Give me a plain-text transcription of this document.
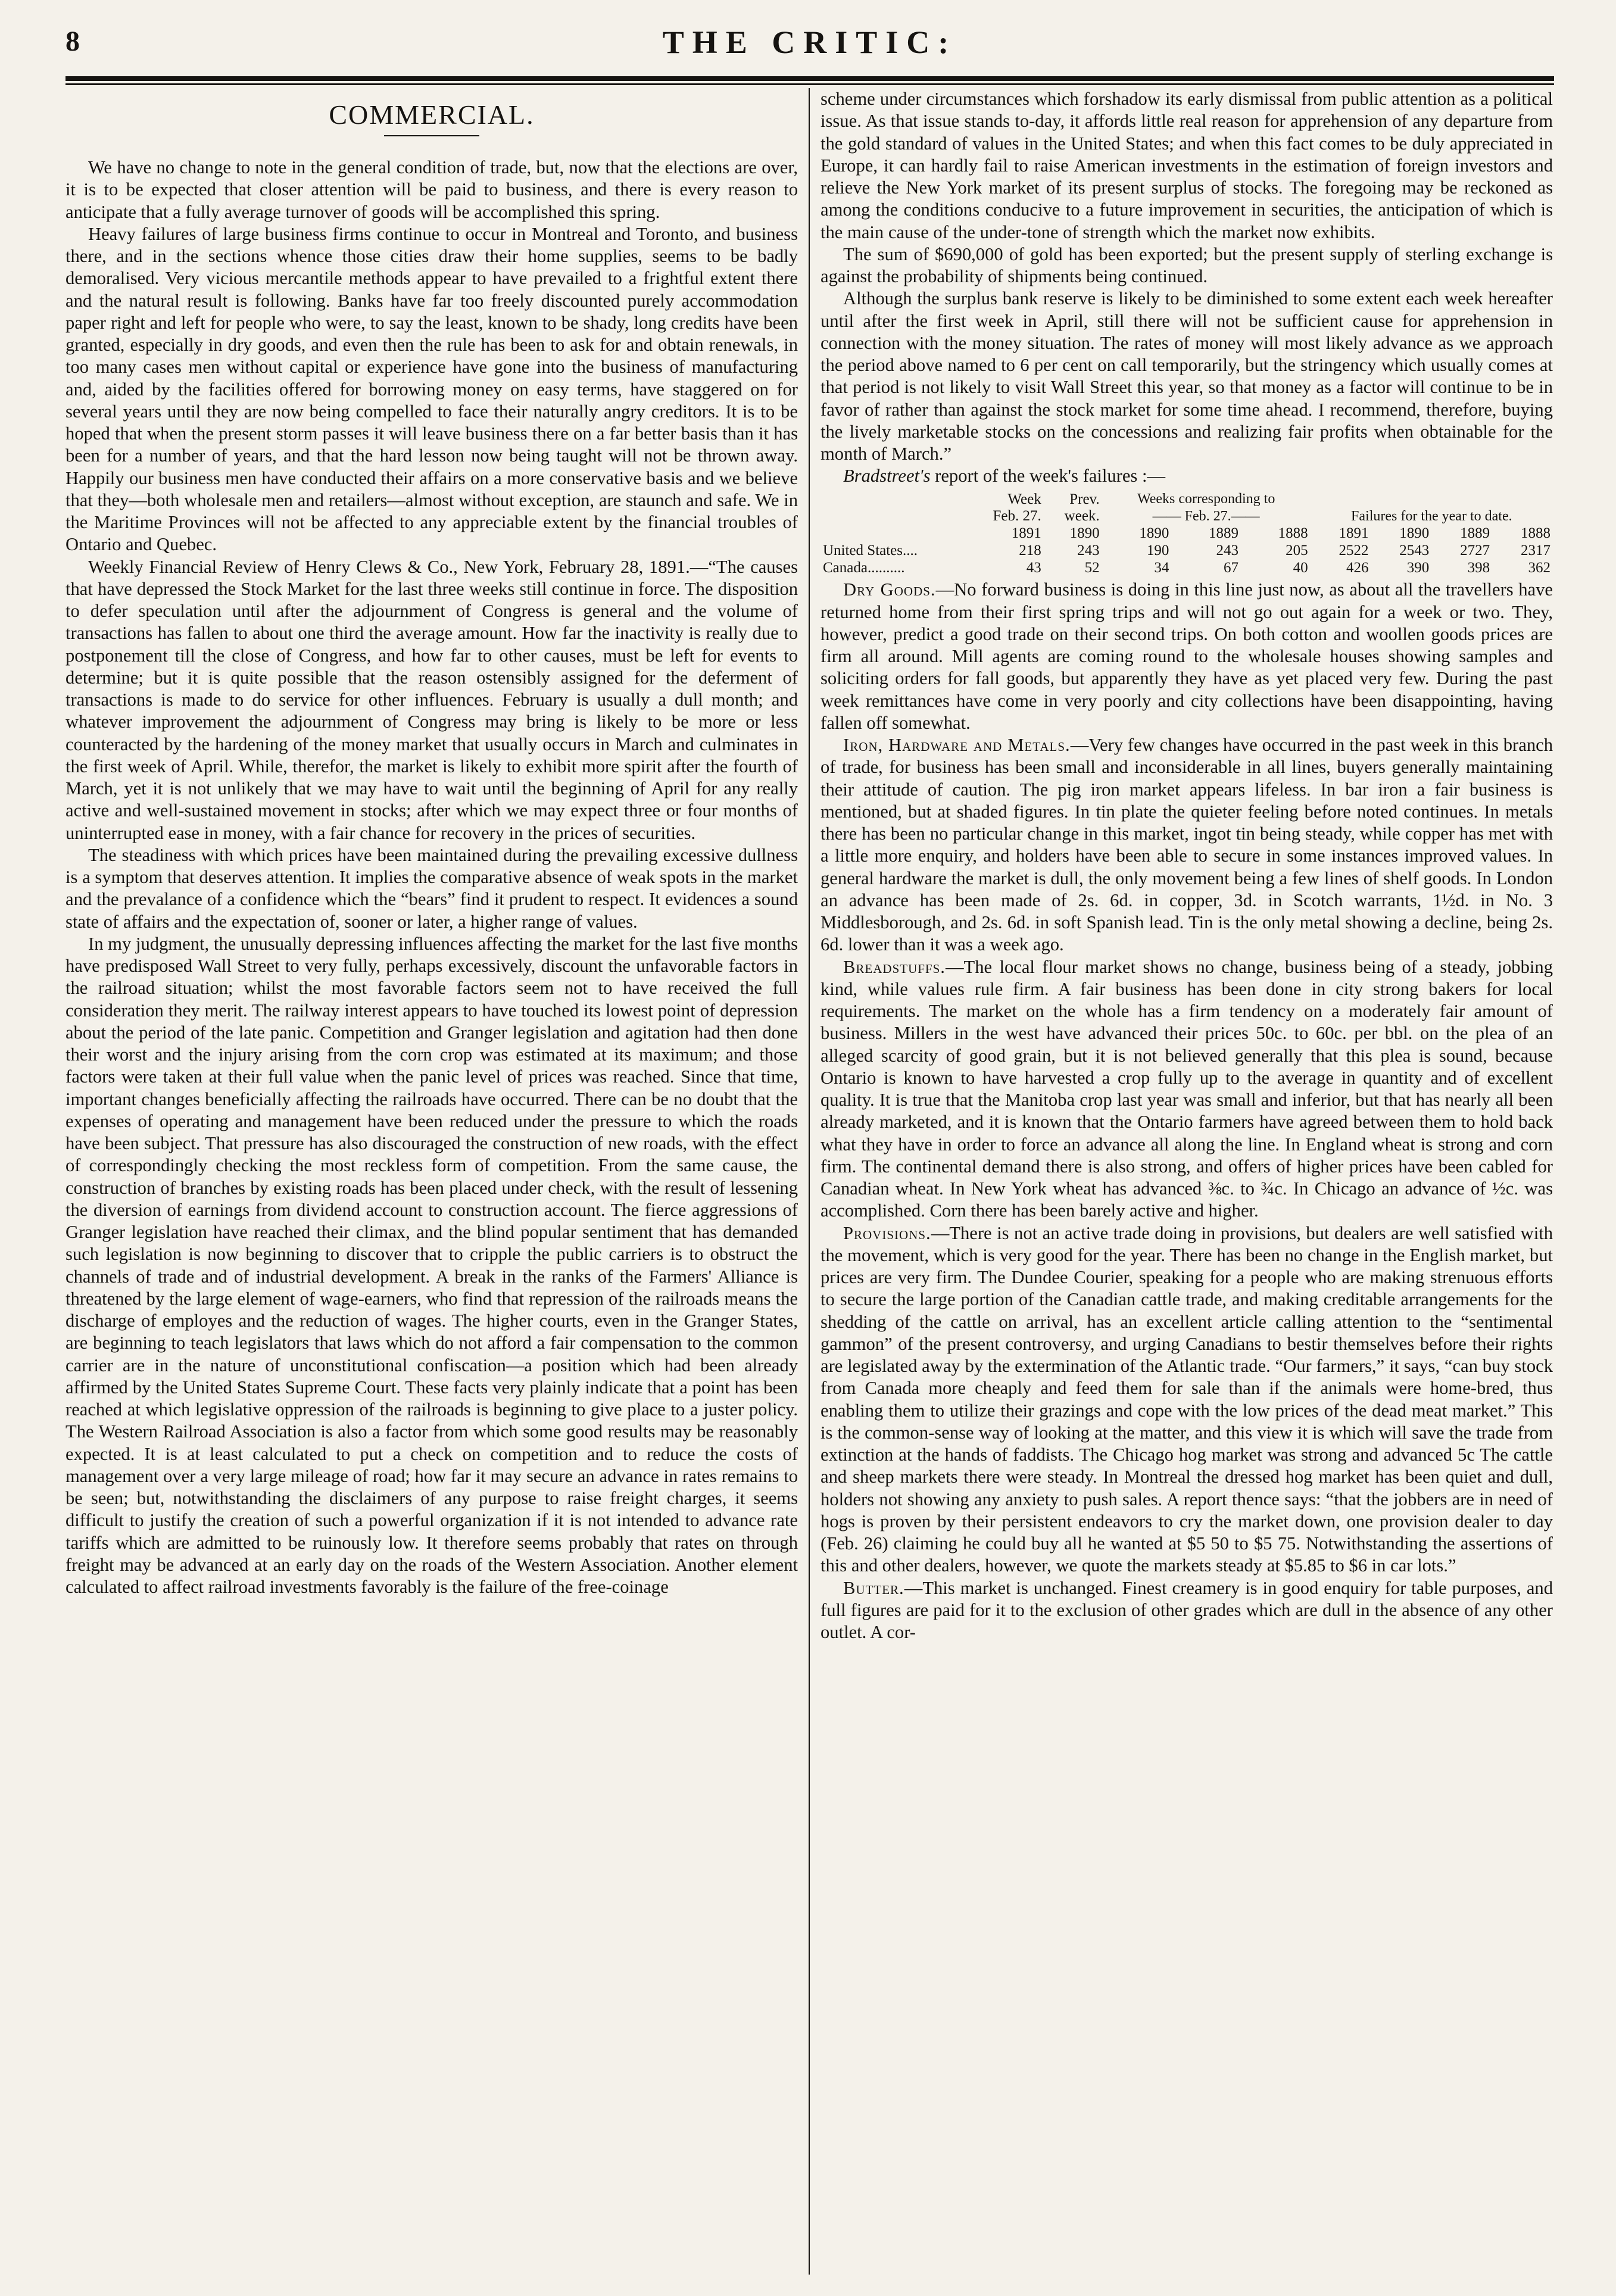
8	THE CRITIC:
COMMERCIAL.

We have no change to note in the general condition of trade, but, now that the elections are over, it is to be expected that closer attention will be paid to business, and there is every reason to anticipate that a fully average turnover of goods will be accomplished this spring.

Heavy failures of large business firms continue to occur in Montreal and Toronto, and business there, and in the sections whence those cities draw their home supplies, seems to be badly demoralised. Very vicious mercantile methods appear to have prevailed to a frightful extent there and the natural result is following. Banks have far too freely discounted purely accommodation paper right and left for people who were, to say the least, known to be shady, long credits have been granted, especially in dry goods, and even then the rule has been to ask for and obtain renewals, in too many cases men without capital or experience have gone into the business of manufacturing and, aided by the facilities offered for borrowing money on easy terms, have staggered on for several years until they are now being compelled to face their naturally angry creditors. It is to be hoped that when the present storm passes it will leave business there on a far better basis than it has been for a number of years, and that the hard lesson now being taught will not be thrown away. Happily our business men have conducted their affairs on a more conservative basis and we believe that they—both wholesale men and retailers—almost without exception, are staunch and safe. We in the Maritime Provinces will not be affected to any appreciable extent by the financial troubles of Ontario and Quebec.

Weekly Financial Review of Henry Clews & Co., New York, February 28, 1891.—“The causes that have depressed the Stock Market for the last three weeks still continue in force. The disposition to defer speculation until after the adjournment of Congress is general and the volume of transactions has fallen to about one third the average amount. How far the inactivity is really due to postponement till the close of Congress, and how far to other causes, must be left for events to determine; but it is quite possible that the reason ostensibly assigned for the deferment of transactions is made to do service for other influences. February is usually a dull month; and whatever improvement the adjournment of Congress may bring is likely to be more or less counteracted by the hardening of the money market that usually occurs in March and culminates in the first week of April. While, therefor, the market is likely to exhibit more spirit after the fourth of March, yet it is not unlikely that we may have to wait until the beginning of April for any really active and well-sustained movement in stocks; after which we may expect three or four months of uninterrupted ease in money, with a fair chance for recovery in the prices of securities.

The steadiness with which prices have been maintained during the prevailing excessive dullness is a symptom that deserves attention. It implies the comparative absence of weak spots in the market and the prevalance of a confidence which the “bears” find it prudent to respect. It evidences a sound state of affairs and the expectation of, sooner or later, a higher range of values.

In my judgment, the unusually depressing influences affecting the market for the last five months have predisposed Wall Street to very fully, perhaps excessively, discount the unfavorable factors in the railroad situation; whilst the most favorable factors seem not to have received the full consideration they merit. The railway interest appears to have touched its lowest point of depression about the period of the late panic. Competition and Granger legislation and agitation had then done their worst and the injury arising from the corn crop was estimated at its maximum; and those factors were taken at their full value when the panic level of prices was reached. Since that time, important changes beneficially affecting the railroads have occurred. There can be no doubt that the expenses of operating and management have been reduced under the pressure to which the roads have been subject. That pressure has also discouraged the construction of new roads, with the effect of correspondingly checking the most reckless form of competition. From the same cause, the construction of branches by existing roads has been placed under check, with the result of lessening the diversion of earnings from dividend account to construction account. The fierce aggressions of Granger legislation have reached their climax, and the blind popular sentiment that has demanded such legislation is now beginning to discover that to cripple the public carriers is to obstruct the channels of trade and of industrial development. A break in the ranks of the Farmers' Alliance is threatened by the large element of wage-earners, who find that repression of the railroads means the discharge of employes and the reduction of wages. The higher courts, even in the Granger States, are beginning to teach legislators that laws which do not afford a fair compensation to the common carrier are in the nature of unconstitutional confiscation—a position which had been already affirmed by the United States Supreme Court. These facts very plainly indicate that a point has been reached at which legislative oppression of the railroads is beginning to give place to a juster policy. The Western Railroad Association is also a factor from which some good results may be reasonably expected. It is at least calculated to put a check on competition and to reduce the costs of management over a very large mileage of road; how far it may secure an advance in rates remains to be seen; but, notwithstanding the disclaimers of any purpose to raise freight charges, it seems difficult to justify the creation of such a powerful organization if it is not intended to advance rate tariffs which are admitted to be ruinously low. It therefore seems probably that rates on through freight may be advanced at an early day on the roads of the Western Association. Another element calculated to affect railroad investments favorably is the failure of the free-coinage

scheme under circumstances which forshadow its early dismissal from public attention as a political issue. As that issue stands to-day, it affords little real reason for apprehension of any departure from the gold standard of values in the United States; and when this fact comes to be duly appreciated in Europe, it can hardly fail to raise American investments in the estimation of foreign investors and relieve the New York market of its present surplus of stocks. The foregoing may be reckoned as among the conditions conducive to a future improvement in securities, the anticipation of which is the main cause of the under-tone of strength which the market now exhibits.

The sum of $690,000 of gold has been exported; but the present supply of sterling exchange is against the probability of shipments being continued.

Although the surplus bank reserve is likely to be diminished to some extent each week hereafter until after the first week in April, still there will not be sufficient cause for apprehension in connection with the money situation. The rates of money will most likely advance as we approach the period above named to 6 per cent on call temporarily, but the stringency which usually comes at that period is not likely to visit Wall Street this year, so that money as a factor will continue to be in favor of rather than against the stock market for some time ahead. I recommend, therefore, buying the lively marketable stocks on the concessions and realizing fair profits when obtainable for the month of March.”

Bradstreet's report of the week's failures :—

	Week	Prev.	Weeks corresponding to						
	Feb. 27.	week.	—— Feb. 27.——			Failures for the year to date.			
	1891	1890	1890	1889	1888	1891	1890	1889	1888
United States....	218	243	190	243	205	2522	2543	2727	2317
Canada..........	43	52	34	67	40	426	390	398	362

Dry Goods.—No forward business is doing in this line just now, as about all the travellers have returned home from their first spring trips and will not go out again for a week or two. They, however, predict a good trade on their second trips. On both cotton and woollen goods prices are firm all around. Mill agents are coming round to the wholesale houses showing samples and soliciting orders for fall goods, but apparently they have as yet placed very few. During the past week remittances have come in very poorly and city collections have been disappointing, having fallen off somewhat.

Iron, Hardware and Metals.—Very few changes have occurred in the past week in this branch of trade, for business has been small and inconsiderable in all lines, buyers generally maintaining their attitude of caution. The pig iron market appears lifeless. In bar iron a fair business is mentioned, but at shaded figures. In tin plate the quieter feeling before noted continues. In metals there has been no particular change in this market, ingot tin being steady, while copper has met with a little more enquiry, and holders have been able to secure in some instances improved values. In general hardware the market is dull, the only movement being a few lines of shelf goods. In London an advance has been made of 2s. 6d. in copper, 3d. in Scotch warrants, 1½d. in No. 3 Middlesborough, and 2s. 6d. in soft Spanish lead. Tin is the only metal showing a decline, being 2s. 6d. lower than it was a week ago.

Breadstuffs.—The local flour market shows no change, business being of a steady, jobbing kind, while values rule firm. A fair business has been done in city strong bakers for local requirements. The market on the whole has a firm tendency on a moderately fair amount of business. Millers in the west have advanced their prices 50c. to 60c. per bbl. on the plea of an alleged scarcity of good grain, but it is not believed generally that this plea is sound, because Ontario is known to have harvested a crop fully up to the average in quantity and of excellent quality. It is true that the Manitoba crop last year was small and inferior, but that has nearly all been already marketed, and it is known that the Ontario farmers have agreed between them to hold back what they have in order to force an advance all along the line. In England wheat is strong and corn firm. The continental demand there is also strong, and offers of higher prices have been cabled for Canadian wheat. In New York wheat has advanced ⅜c. to ¾c. In Chicago an advance of ½c. was accomplished. Corn there has been barely active and higher.

Provisions.—There is not an active trade doing in provisions, but dealers are well satisfied with the movement, which is very good for the year. There has been no change in the English market, but prices are very firm. The Dundee Courier, speaking for a people who are making strenuous efforts to secure the large portion of the Canadian cattle trade, and making creditable arrangements for the shedding of the cattle on arrival, has an excellent article calling attention to the “sentimental gammon” of the present controversy, and urging Canadians to bestir themselves before their rights are legislated away by the extermination of the Atlantic trade. “Our farmers,” it says, “can buy stock from Canada more cheaply and feed them for sale than if the animals were home-bred, thus enabling them to utilize their grazings and cope with the low prices of the dead meat market.” This is the common-sense way of looking at the matter, and this view it is which will save the trade from extinction at the hands of faddists. The Chicago hog market was strong and advanced 5c The cattle and sheep markets there were steady. In Montreal the dressed hog market has been quiet and dull, holders not showing any anxiety to push sales. A report thence says: “that the jobbers are in need of hogs is proven by their persistent endeavors to cry the market down, one provision dealer to day (Feb. 26) claiming he could buy all he wanted at $5 50 to $5 75. Notwithstanding the assertions of this and other dealers, however, we quote the markets steady at $5.85 to $6 in car lots.”

Butter.—This market is unchanged. Finest creamery is in good enquiry for table purposes, and full figures are paid for it to the exclusion of other grades which are dull in the absence of any other outlet. A cor-
